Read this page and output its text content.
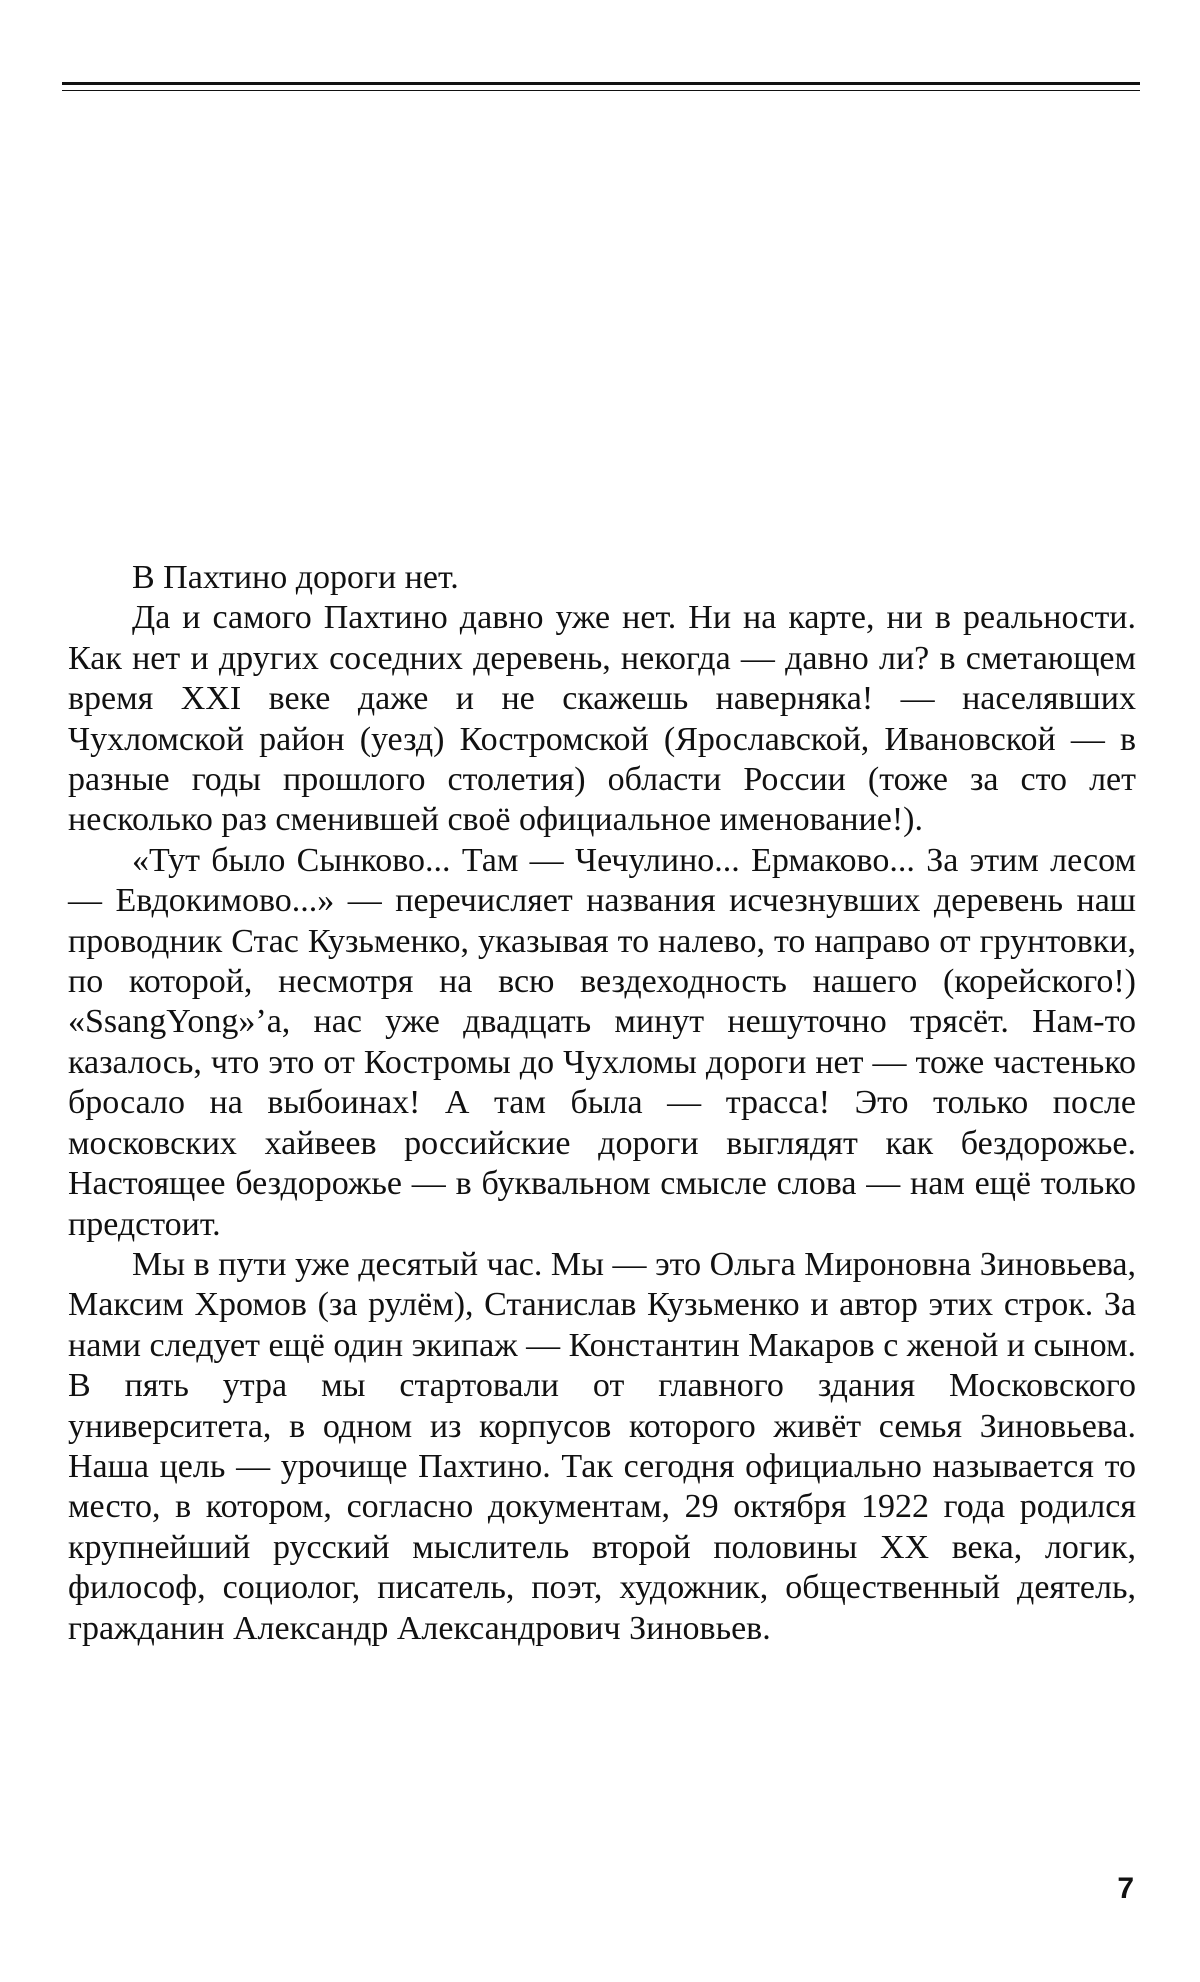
В Пахтино дороги нет.

Да и самого Пахтино давно уже нет. Ни на карте, ни в реальности. Как нет и других соседних деревень, некогда — давно ли? в сметающем время XXI веке даже и не скажешь наверняка! — населявших Чухломской район (уезд) Костромской (Ярославской, Ивановской — в разные годы прошлого столетия) области России (тоже за сто лет несколько раз сменившей своё официальное именование!).

«Тут было Сынково... Там — Чечулино... Ермаково... За этим лесом — Евдокимово...» — перечисляет названия исчезнувших деревень наш проводник Стас Кузьменко, указывая то налево, то направо от грунтовки, по которой, несмотря на всю вездеходность нашего (корейского!) «SsangYong»’а, нас уже двадцать минут нешуточно трясёт. Нам-то казалось, что это от Костромы до Чухломы дороги нет — тоже частенько бросало на выбоинах! А там была — трасса! Это только после московских хайвеев российские дороги выглядят как бездорожье. Настоящее бездорожье — в буквальном смысле слова — нам ещё только предстоит.

Мы в пути уже десятый час. Мы — это Ольга Мироновна Зиновьева, Максим Хромов (за рулём), Станислав Кузьменко и автор этих строк. За нами следует ещё один экипаж — Константин Макаров с женой и сыном. В пять утра мы стартовали от главного здания Московского университета, в одном из корпусов которого живёт семья Зиновьева. Наша цель — урочище Пахтино. Так сегодня официально называется то место, в котором, согласно документам, 29 октября 1922 года родился крупнейший русский мыслитель второй половины XX века, логик, философ, социолог, писатель, поэт, художник, общественный деятель, гражданин Александр Александрович Зиновьев.

7
